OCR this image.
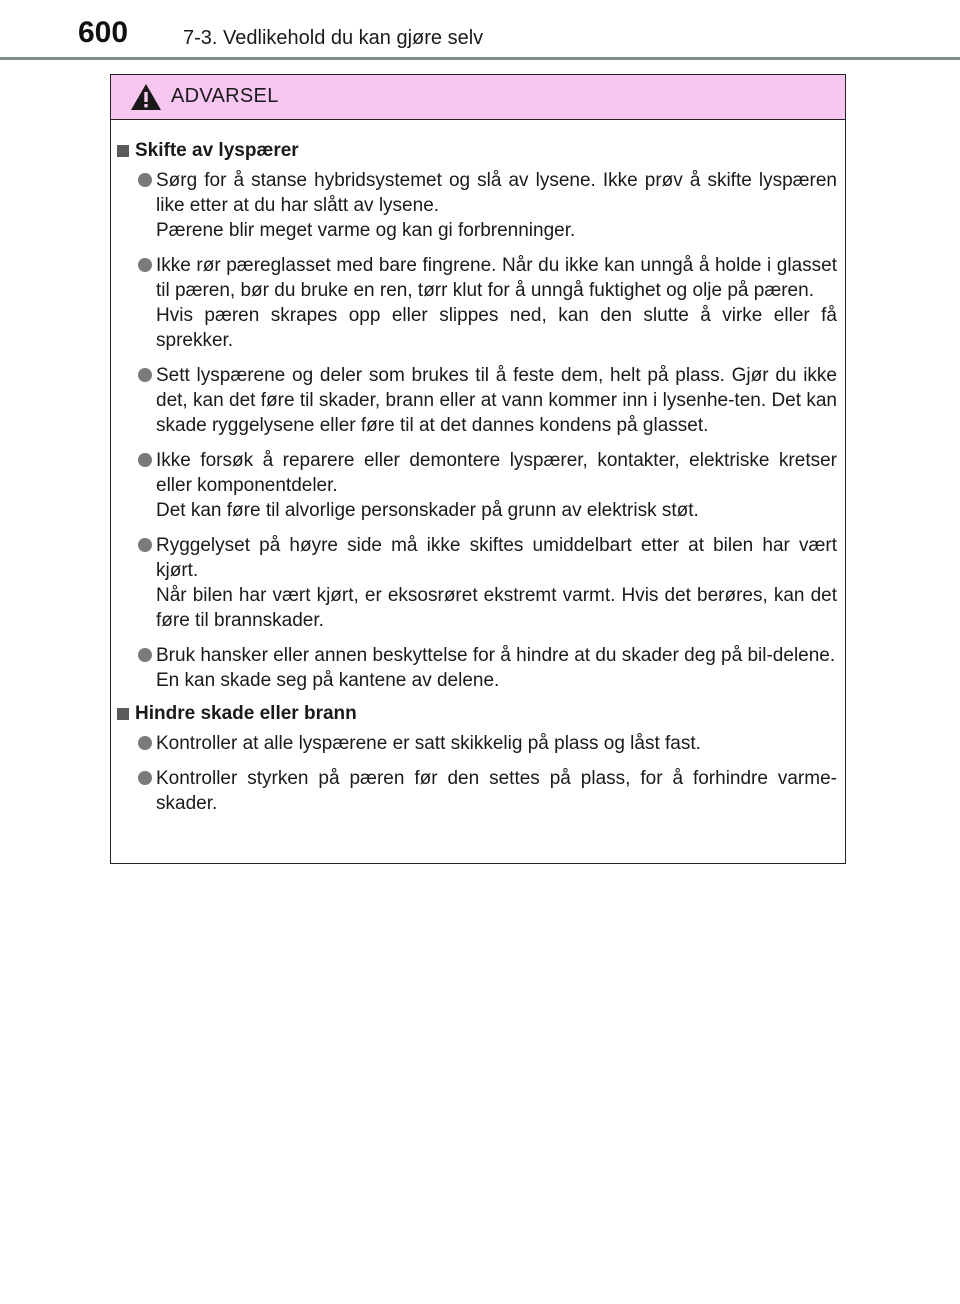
600	7-3. Vedlikehold du kan gjøre selv
ADVARSEL
Skifte av lyspærer

Sørg for å stanse hybridsystemet og slå av lysene. Ikke prøv å skifte lyspæren like etter at du har slått av lysene.

Pærene blir meget varme og kan gi forbrenninger.

Ikke rør pæreglasset med bare fingrene. Når du ikke kan unngå å holde i glasset til pæren, bør du bruke en ren, tørr klut for å unngå fuktighet og olje på pæren.

Hvis pæren skrapes opp eller slippes ned, kan den slutte å virke eller få sprekker.

Sett lyspærene og deler som brukes til å feste dem, helt på plass. Gjør du ikke det, kan det føre til skader, brann eller at vann kommer inn i lysenhe-ten. Det kan skade ryggelysene eller føre til at det dannes kondens på glasset.

Ikke forsøk å reparere eller demontere lyspærer, kontakter, elektriske kretser eller komponentdeler.

Det kan føre til alvorlige personskader på grunn av elektrisk støt.

Ryggelyset på høyre side må ikke skiftes umiddelbart etter at bilen har vært kjørt.

Når bilen har vært kjørt, er eksosrøret ekstremt varmt. Hvis det berøres, kan det føre til brannskader.

Bruk hansker eller annen beskyttelse for å hindre at du skader deg på bil-delene.

En kan skade seg på kantene av delene.

Hindre skade eller brann

Kontroller at alle lyspærene er satt skikkelig på plass og låst fast.

Kontroller styrken på pæren før den settes på plass, for å forhindre varme-skader.
